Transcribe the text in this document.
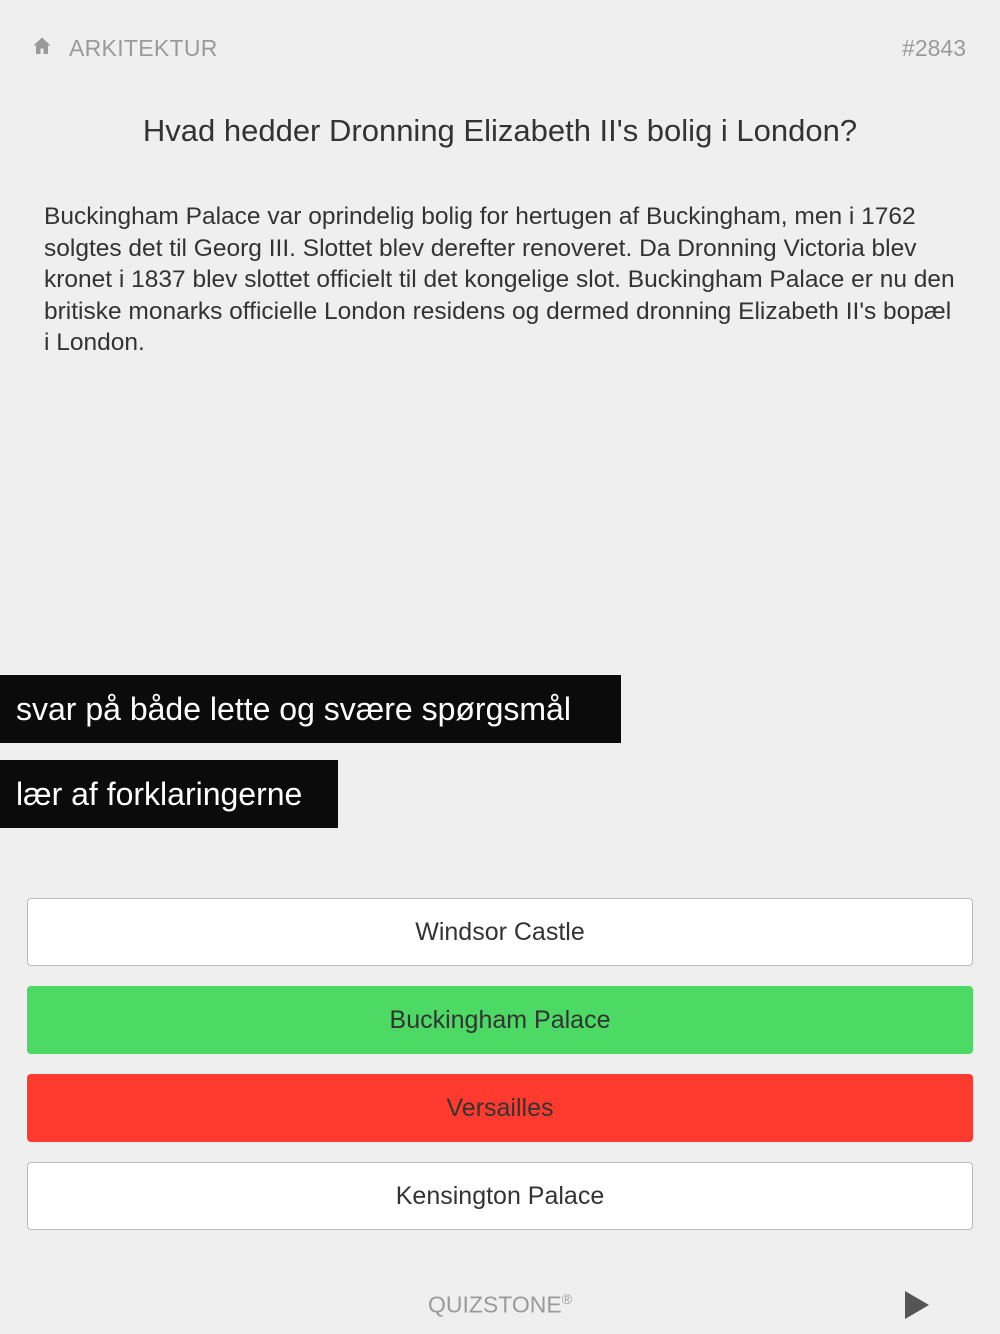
ARKITEKTUR	#2843
Hvad hedder Dronning Elizabeth II's bolig i London?
Buckingham Palace var oprindelig bolig for hertugen af Buckingham, men i 1762 solgtes det til Georg III. Slottet blev derefter renoveret. Da Dronning Victoria blev kronet i 1837 blev slottet officielt til det kongelige slot. Buckingham Palace er nu den britiske monarks officielle London residens og dermed dronning Elizabeth II's bopæl i London.
svar på både lette og svære spørgsmål
lær af forklaringerne
Windsor Castle
Buckingham Palace
Versailles
Kensington Palace
QUIZSTONE®
